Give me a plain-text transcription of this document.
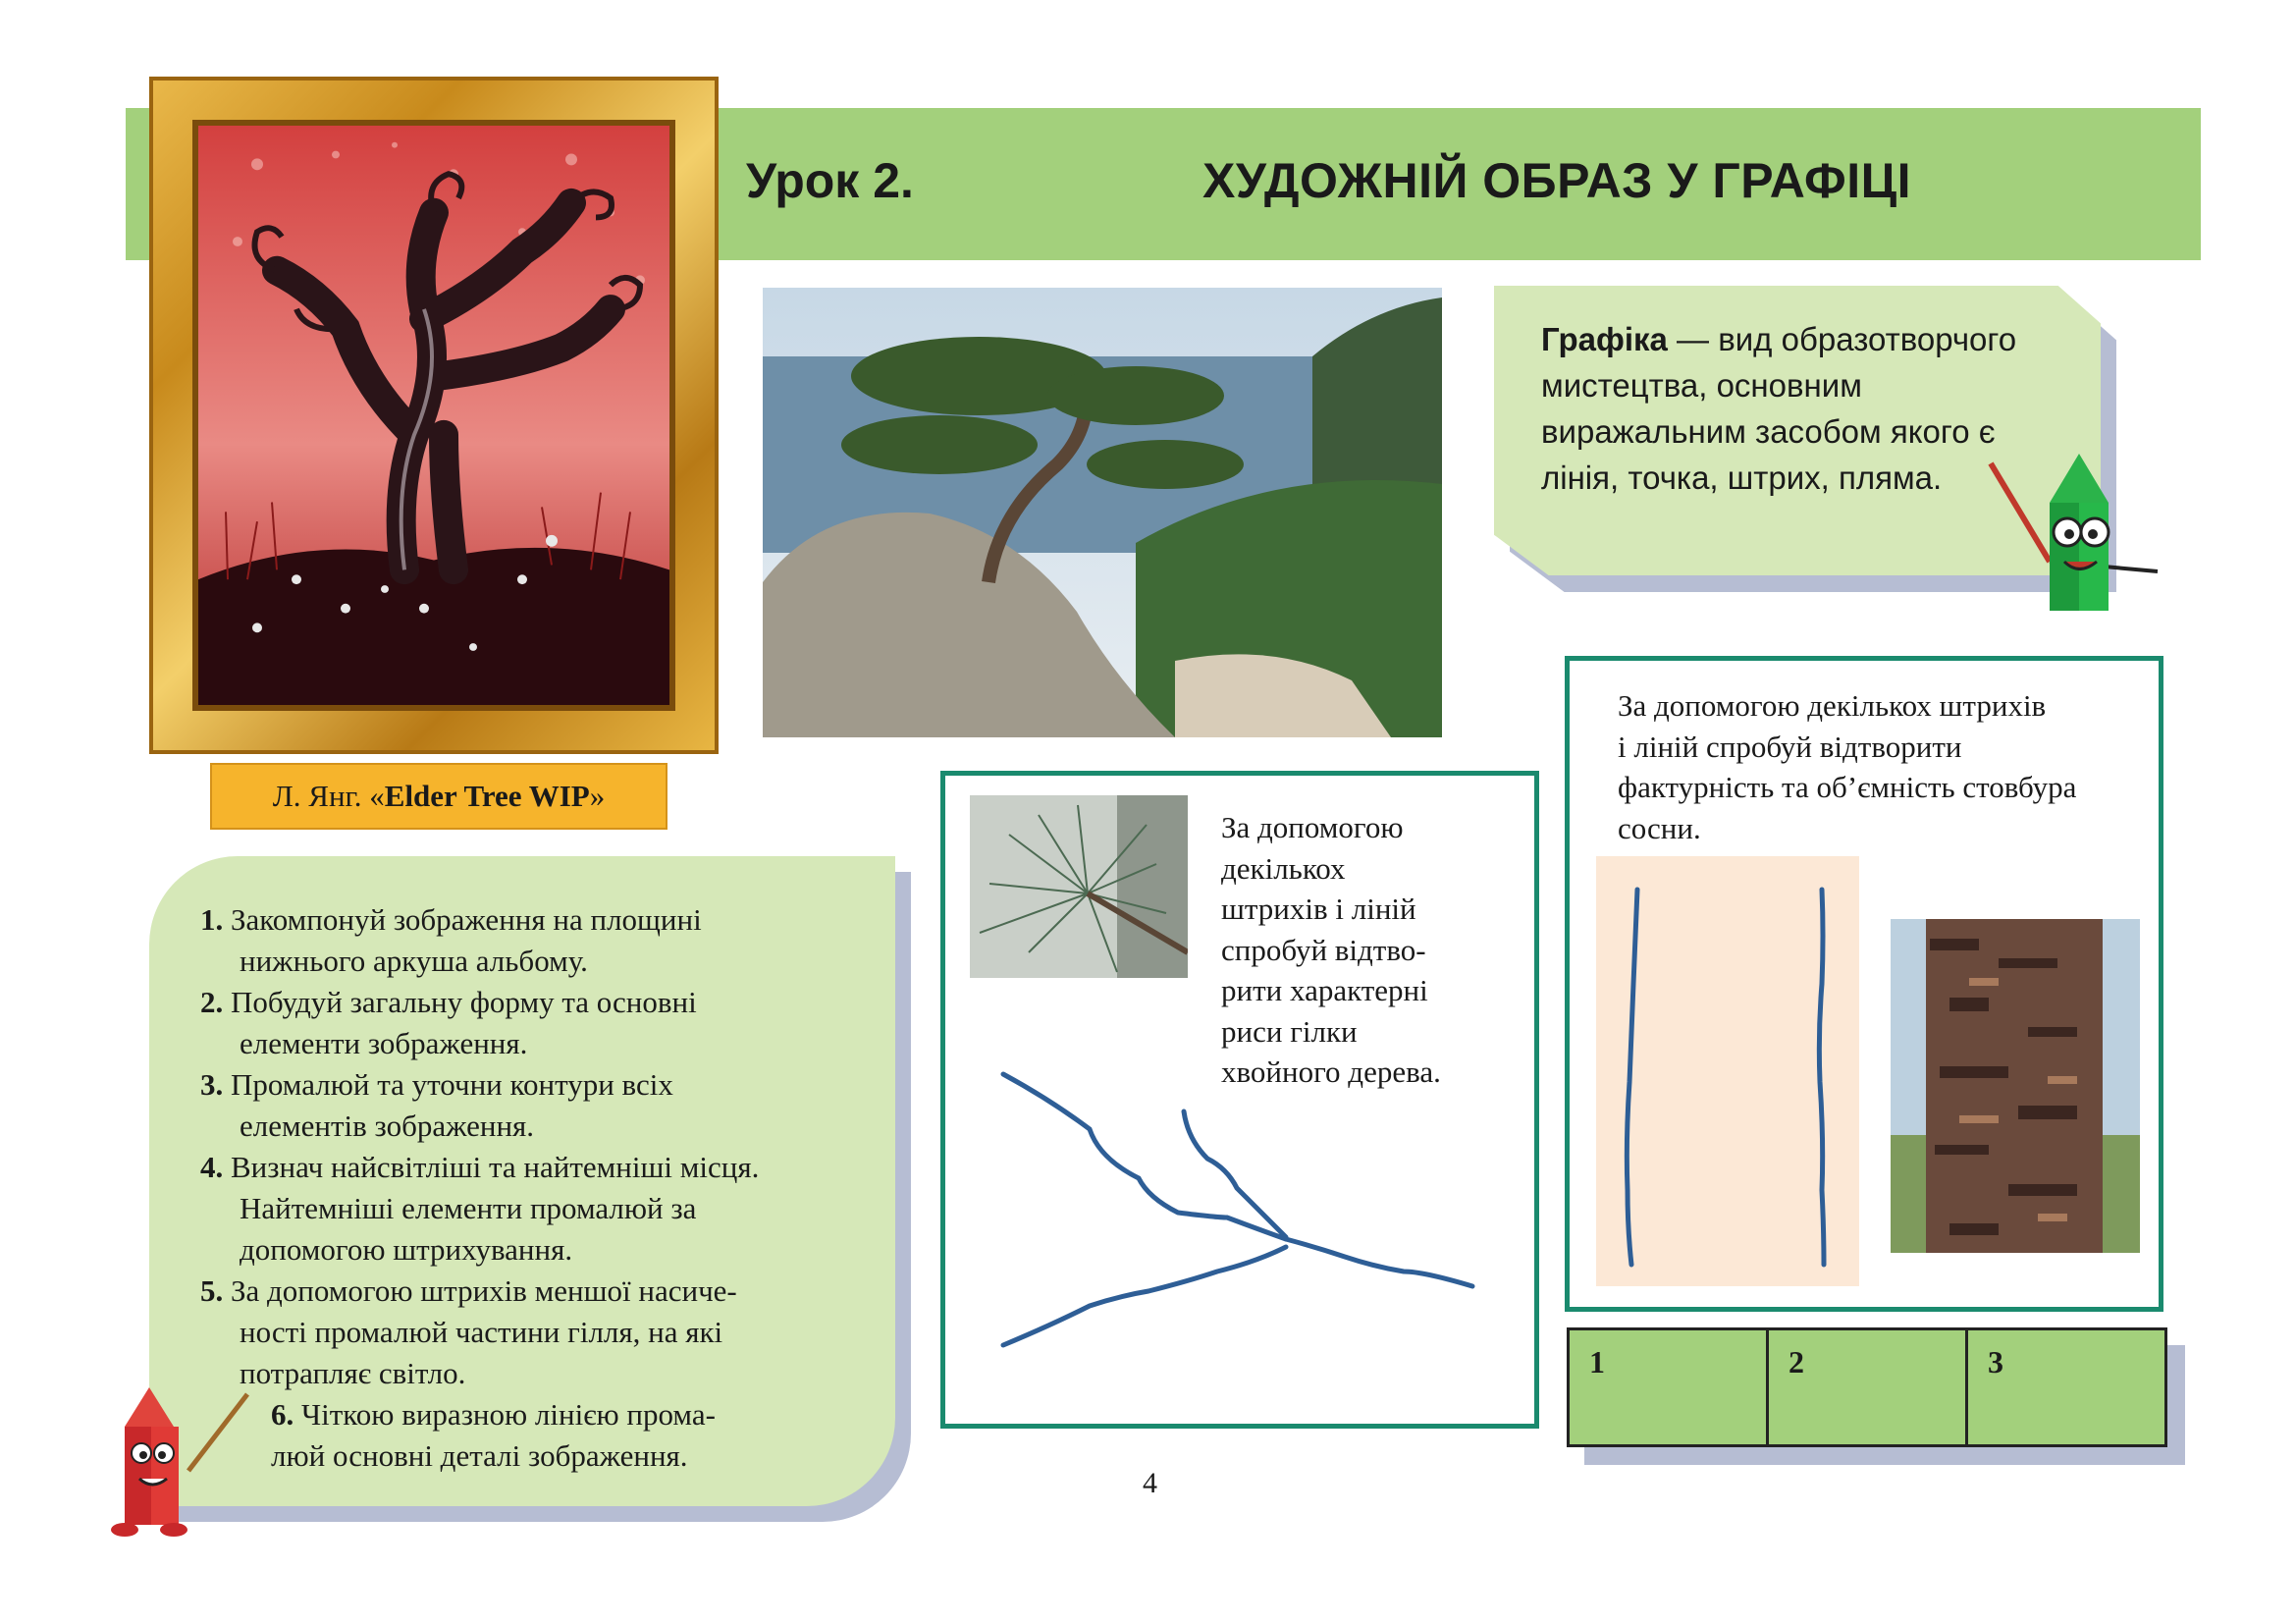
Урок 2.	ХУДОЖНІЙ ОБРАЗ У ГРАФІЦІ
Л. Янг. « Elder Tree WIP »
Графіка — вид образотворчого мистецтва, основним виражальним засобом якого є лінія, точка, штрих, пляма.
1. Закомпонуй зображення на площині
нижнього аркуша альбому.
2. Побудуй загальну форму та основні
елементи зображення.
3. Промалюй та уточни контури всіх
елементів зображення.
4. Визнач найсвітліші та найтемніші місця.
Найтемніші елементи промалюй за
допомогою штрихування.
5. За допомогою штрихів меншої насиче-
ності промалюй частини гілля, на які
потрапляє світло.
6. Чіткою виразною лінією прома-
люй основні деталі зображення.
За допомогою
декількох
штрихів і ліній
спробуй відтво-
рити характерні
риси гілки
хвойного дерева.
За допомогою декількох штрихів
і ліній спробуй відтворити
фактурність та об’ємність стовбура
сосни.
1	2	3
4
